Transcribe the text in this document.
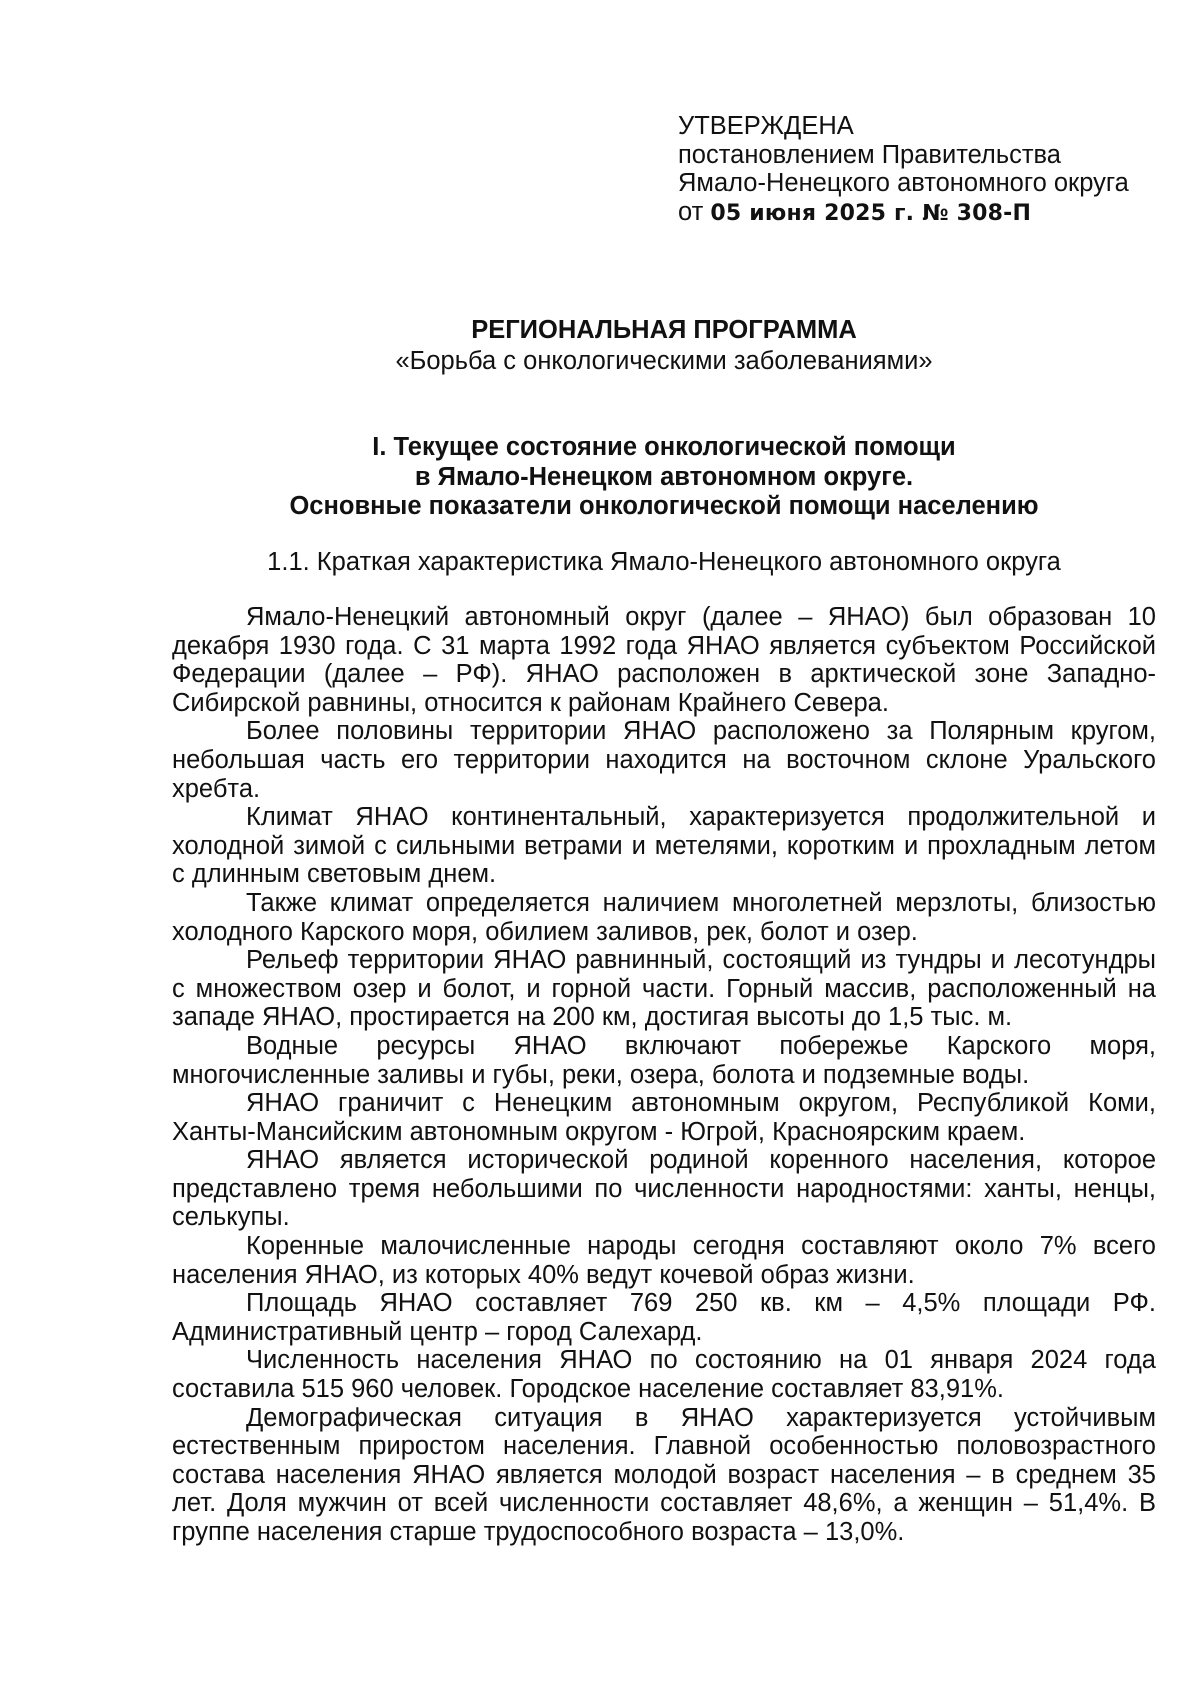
УТВЕРЖДЕНА
постановлением Правительства
Ямало-Ненецкого автономного округа
от 05 июня 2025 г. № 308-П
РЕГИОНАЛЬНАЯ ПРОГРАММА
«Борьба с онкологическими заболеваниями»
I. Текущее состояние онкологической помощи
в Ямало-Ненецком автономном округе.
Основные показатели онкологической помощи населению
1.1. Краткая характеристика Ямало-Ненецкого автономного округа

Ямало-Ненецкий автономный округ (далее – ЯНАО) был образован 10 декабря 1930 года. С 31 марта 1992 года ЯНАО является субъектом Российской Федерации (далее – РФ). ЯНАО расположен в арктической зоне Западно-Сибирской равнины, относится к районам Крайнего Севера.

Более половины территории ЯНАО расположено за Полярным кругом, небольшая часть его территории находится на восточном склоне Уральского хребта.

Климат ЯНАО континентальный, характеризуется продолжительной и холодной зимой с сильными ветрами и метелями, коротким и прохладным летом с длинным световым днем.

Также климат определяется наличием многолетней мерзлоты, близостью холодного Карского моря, обилием заливов, рек, болот и озер.

Рельеф территории ЯНАО равнинный, состоящий из тундры и лесотундры с множеством озер и болот, и горной части. Горный массив, расположенный на западе ЯНАО, простирается на 200 км, достигая высоты до 1,5 тыс. м.

Водные ресурсы ЯНАО включают побережье Карского моря, многочисленные заливы и губы, реки, озера, болота и подземные воды.

ЯНАО граничит с Ненецким автономным округом, Республикой Коми, Ханты-Мансийским автономным округом - Югрой, Красноярским краем.

ЯНАО является исторической родиной коренного населения, которое представлено тремя небольшими по численности народностями: ханты, ненцы, селькупы.

Коренные малочисленные народы сегодня составляют около 7% всего населения ЯНАО, из которых 40% ведут кочевой образ жизни.

Площадь ЯНАО составляет 769 250 кв. км – 4,5% площади РФ. Административный центр – город Салехард.

Численность населения ЯНАО по состоянию на 01 января 2024 года составила 515 960 человек. Городское население составляет 83,91%.

Демографическая ситуация в ЯНАО характеризуется устойчивым естественным приростом населения. Главной особенностью половозрастного состава населения ЯНАО является молодой возраст населения – в среднем 35 лет. Доля мужчин от всей численности составляет 48,6%, а женщин – 51,4%. В группе населения старше трудоспособного возраста – 13,0%.
